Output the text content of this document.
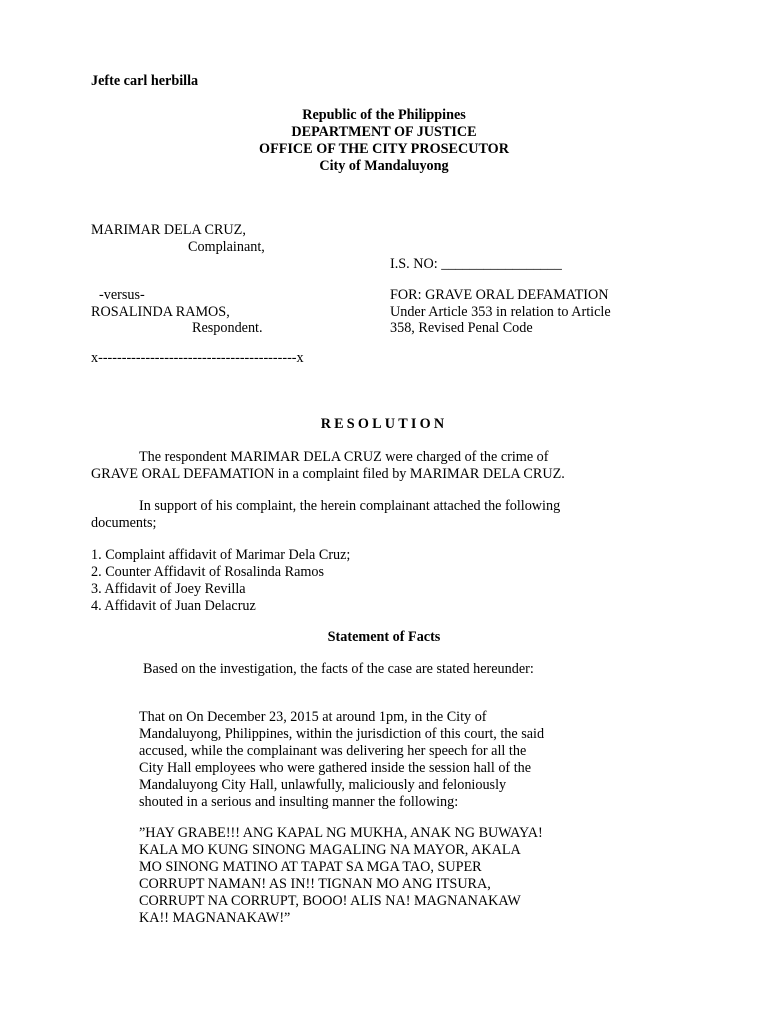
Jefte carl herbilla
Republic of the Philippines
DEPARTMENT OF JUSTICE
OFFICE OF THE CITY PROSECUTOR
City of Mandaluyong
MARIMAR DELA CRUZ,
Complainant,
I.S. NO: _________________
-versus-
ROSALINDA RAMOS,
Respondent.
FOR: GRAVE ORAL DEFAMATION
Under Article 353 in relation to Article
358, Revised Penal Code
x------------------------------------------x
RESOLUTION
The respondent MARIMAR DELA CRUZ were charged of the crime of
GRAVE ORAL DEFAMATION in a complaint filed by MARIMAR DELA CRUZ.
In support of his complaint, the herein complainant attached the following
documents;
1. Complaint affidavit of Marimar Dela Cruz;
2. Counter Affidavit of Rosalinda Ramos
3. Affidavit of Joey Revilla
4. Affidavit of Juan Delacruz
Statement of Facts
Based on the investigation, the facts of the case are stated hereunder:
That on On December 23, 2015 at around 1pm, in the City of
Mandaluyong, Philippines, within the jurisdiction of this court, the said
accused, while the complainant was delivering her speech for all the
City Hall employees who were gathered inside the session hall of the
Mandaluyong City Hall, unlawfully, maliciously and feloniously
shouted in a serious and insulting manner the following:
”HAY GRABE!!! ANG KAPAL NG MUKHA, ANAK NG BUWAYA!
KALA MO KUNG SINONG MAGALING NA MAYOR, AKALA
MO SINONG MATINO AT TAPAT SA MGA TAO, SUPER
CORRUPT NAMAN! AS IN!! TIGNAN MO ANG ITSURA,
CORRUPT NA CORRUPT, BOOO! ALIS NA! MAGNANAKAW
KA!! MAGNANAKAW!”
